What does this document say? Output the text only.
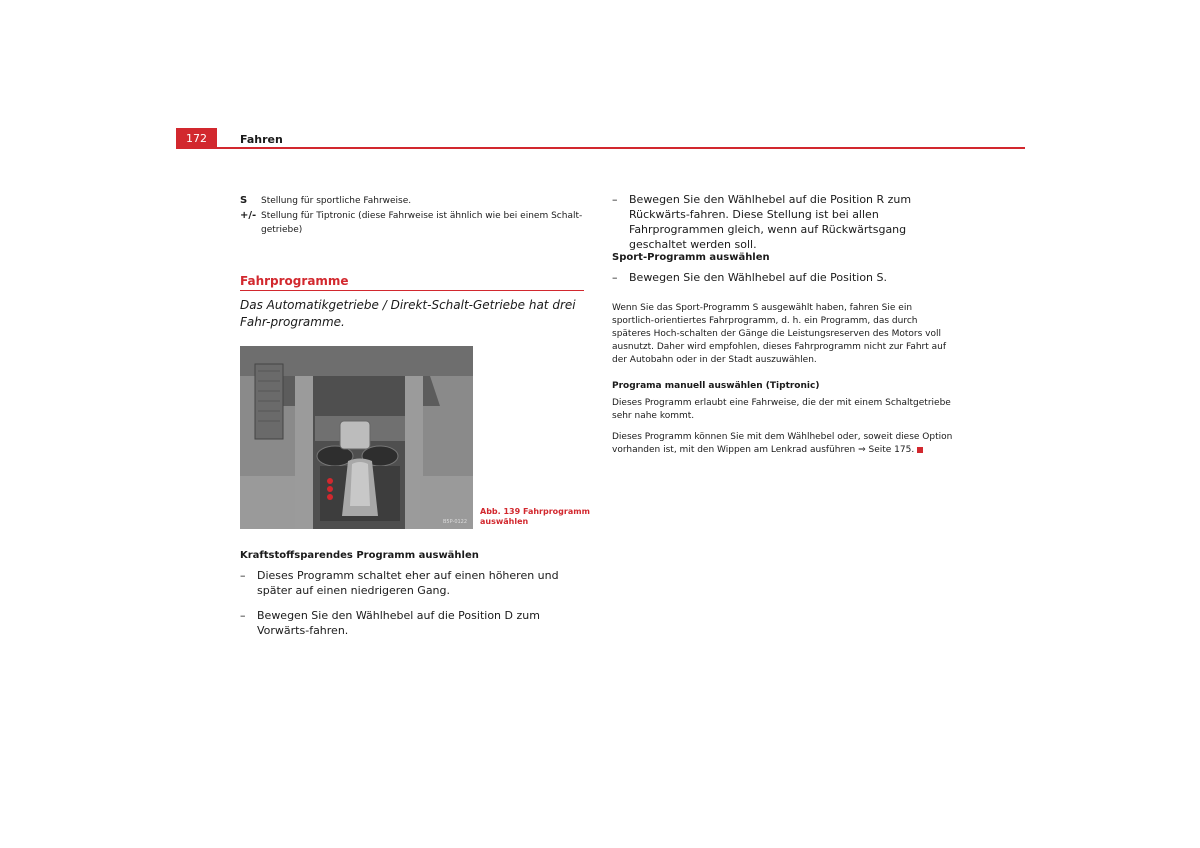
172	Fahren
S Stellung für sportliche Fahrweise.
+/- Stellung für Tiptronic (diese Fahrweise ist ähnlich wie bei einem Schalt-getriebe)
Fahrprogramme
Das Automatikgetriebe / Direkt-Schalt-Getriebe hat drei Fahr-programme.
B5P-0122
Abb. 139 Fahrprogramm auswählen
Kraftstoffsparendes Programm auswählen
– Dieses Programm schaltet eher auf einen höheren und später auf einen niedrigeren Gang.
– Bewegen Sie den Wählhebel auf die Position D zum Vorwärts-fahren.
– Bewegen Sie den Wählhebel auf die Position R zum Rückwärts-fahren. Diese Stellung ist bei allen Fahrprogrammen gleich, wenn auf Rückwärtsgang geschaltet werden soll.
Sport-Programm auswählen
– Bewegen Sie den Wählhebel auf die Position S.
Wenn Sie das Sport-Programm S ausgewählt haben, fahren Sie ein sportlich-orientiertes Fahrprogramm, d. h. ein Programm, das durch späteres Hoch-schalten der Gänge die Leistungsreserven des Motors voll ausnutzt. Daher wird empfohlen, dieses Fahrprogramm nicht zur Fahrt auf der Autobahn oder in der Stadt auszuwählen.
Programa manuell auswählen (Tiptronic)
Dieses Programm erlaubt eine Fahrweise, die der mit einem Schaltgetriebe sehr nahe kommt.
Dieses Programm können Sie mit dem Wählhebel oder, soweit diese Option vorhanden ist, mit den Wippen am Lenkrad ausführen ⇒ Seite 175.
